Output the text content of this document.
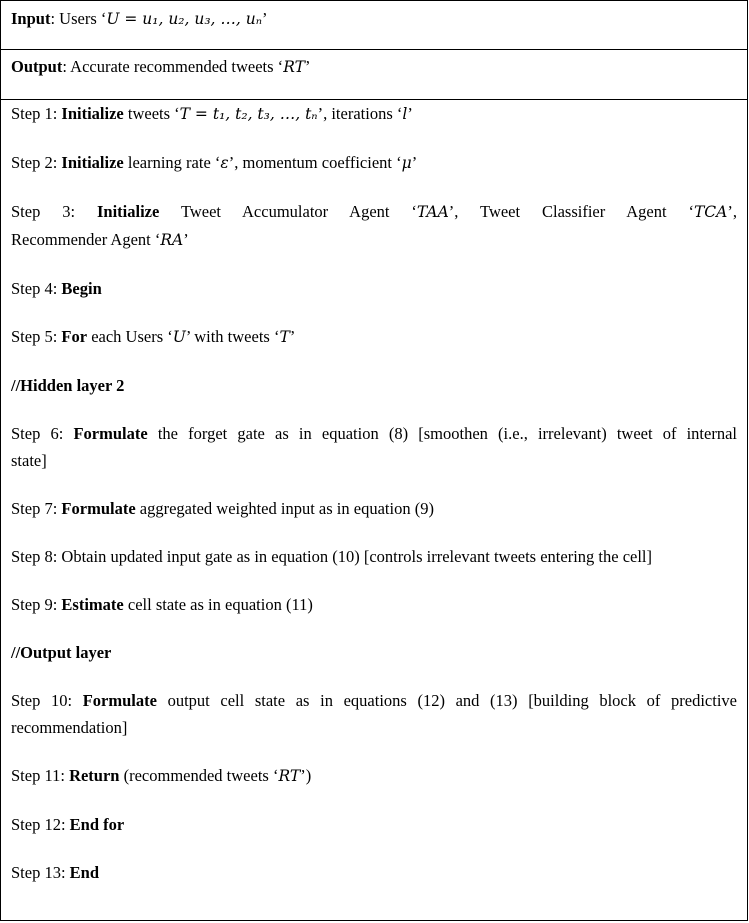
Input: Users ‘U = u₁, u₂, u₃, …, uₙ’
Output: Accurate recommended tweets ‘RT’
Step 1: Initialize tweets ‘T = t₁, t₂, t₃, …, tₙ’, iterations ‘l’
Step 2: Initialize learning rate ‘ε’, momentum coefficient ‘μ’
Step 3: Initialize Tweet Accumulator Agent ‘TAA’, Tweet Classifier Agent ‘TCA’,
Recommender Agent ‘RA’
Step 4: Begin
Step 5: For each Users ‘U’ with tweets ‘T’
//Hidden layer 2
Step 6: Formulate the forget gate as in equation (8) [smoothen (i.e., irrelevant) tweet of internal
state]
Step 7: Formulate aggregated weighted input as in equation (9)
Step 8: Obtain updated input gate as in equation (10) [controls irrelevant tweets entering the cell]
Step 9: Estimate cell state as in equation (11)
//Output layer
Step 10: Formulate output cell state as in equations (12) and (13) [building block of predictive
recommendation]
Step 11: Return (recommended tweets ‘RT’)
Step 12: End for
Step 13: End
